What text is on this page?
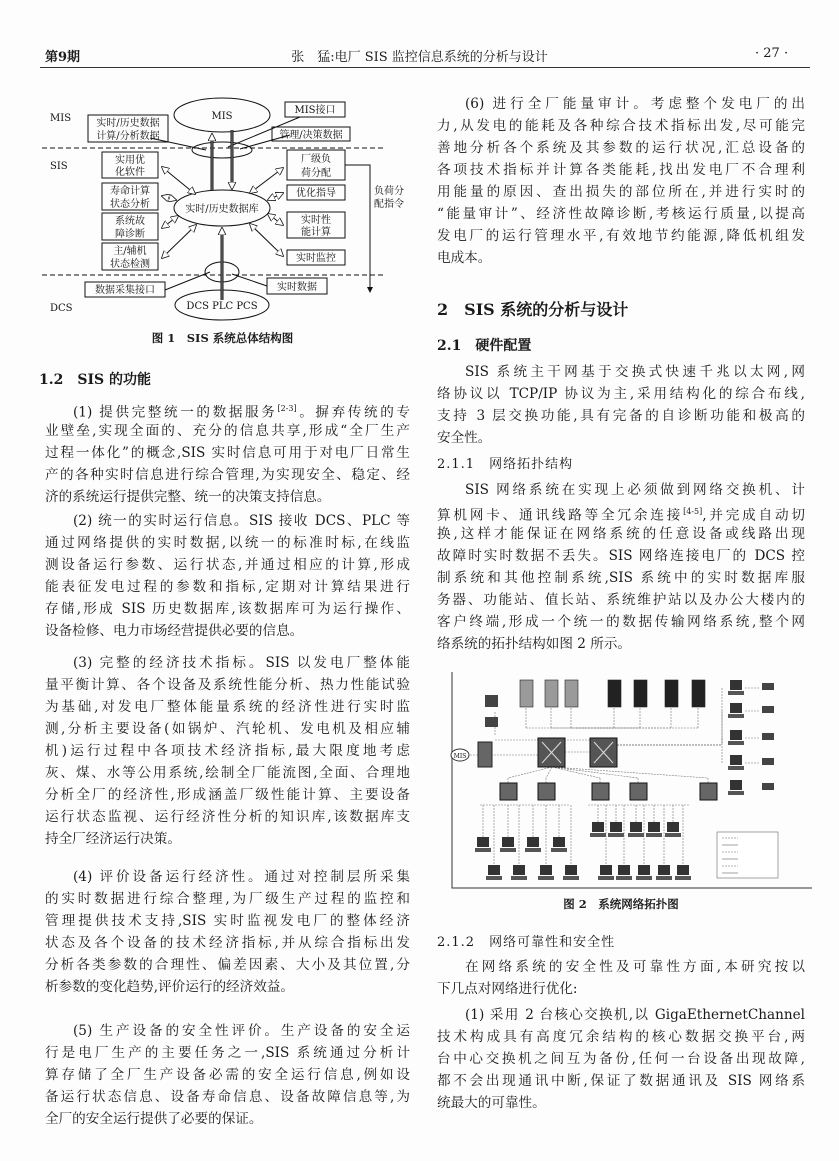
第9期	张　猛:电厂 SIS 监控信息系统的分析与设计	· 27 ·
MIS
SIS
DCS
MIS
MIS接口
实时/历史数据
计算/分析数据	管理/决策数据
实用优
化软件
寿命计算
状态分析
系统故
障诊断
主/辅机
状态检测
厂级负
荷分配
优化指导
实时性
能计算
实时监控
负荷分
配指令
实时/历史数据库
数据采集接口	实时数据
DCS PLC PCS
图 1　SIS 系统总体结构图
1.2　SIS 的功能
(1) 提供完整统一的数据服务[2-3]。摒弃传统的专
业壁垒,实现全面的、充分的信息共享,形成“全厂生产
过程一体化”的概念,SIS 实时信息可用于对电厂日常生
产的各种实时信息进行综合管理,为实现安全、稳定、经
济的系统运行提供完整、统一的决策支持信息。
(2) 统一的实时运行信息。SIS 接收 DCS、PLC 等
通过网络提供的实时数据,以统一的标准时标,在线监
测设备运行参数、运行状态,并通过相应的计算,形成
能表征发电过程的参数和指标,定期对计算结果进行
存储,形成 SIS 历史数据库,该数据库可为运行操作、
设备检修、电力市场经营提供必要的信息。
(3) 完整的经济技术指标。SIS 以发电厂整体能
量平衡计算、各个设备及系统性能分析、热力性能试验
为基础,对发电厂整体能量系统的经济性进行实时监
测,分析主要设备(如锅炉、汽轮机、发电机及相应辅
机)运行过程中各项技术经济指标,最大限度地考虑
灰、煤、水等公用系统,绘制全厂能流图,全面、合理地
分析全厂的经济性,形成涵盖厂级性能计算、主要设备
运行状态监视、运行经济性分析的知识库,该数据库支
持全厂经济运行决策。
(4) 评价设备运行经济性。通过对控制层所采集
的实时数据进行综合整理,为厂级生产过程的监控和
管理提供技术支持,SIS 实时监视发电厂的整体经济
状态及各个设备的技术经济指标,并从综合指标出发
分析各类参数的合理性、偏差因素、大小及其位置,分
析参数的变化趋势,评价运行的经济效益。
(5) 生产设备的安全性评价。生产设备的安全运
行是电厂生产的主要任务之一,SIS 系统通过分析计
算存储了全厂生产设备必需的安全运行信息,例如设
备运行状态信息、设备寿命信息、设备故障信息等,为
全厂的安全运行提供了必要的保证。
(6) 进行全厂能量审计。考虑整个发电厂的出
力,从发电的能耗及各种综合技术指标出发,尽可能完
善地分析各个系统及其参数的运行状况,汇总设备的
各项技术指标并计算各类能耗,找出发电厂不合理利
用能量的原因、查出损失的部位所在,并进行实时的
“能量审计”、经济性故障诊断,考核运行质量,以提高
发电厂的运行管理水平,有效地节约能源,降低机组发
电成本。
2　SIS 系统的分析与设计
2.1　硬件配置
SIS 系统主干网基于交换式快速千兆以太网,网
络协议以 TCP/IP 协议为主,采用结构化的综合布线,
支持 3 层交换功能,具有完备的自诊断功能和极高的
安全性。
2.1.1　网络拓扑结构
SIS 网络系统在实现上必须做到网络交换机、计
算机网卡、通讯线路等全冗余连接[4-5],并完成自动切
换,这样才能保证在网络系统的任意设备或线路出现
故障时实时数据不丢失。SIS 网络连接电厂的 DCS 控
制系统和其他控制系统,SIS 系统中的实时数据库服
务器、功能站、值长站、系统维护站以及办公大楼内的
客户终端,形成一个统一的数据传输网络系统,整个网
络系统的拓扑结构如图 2 所示。
2.1.2　网络可靠性和安全性
在网络系统的安全性及可靠性方面,本研究按以
下几点对网络进行优化:
(1) 采用 2 台核心交换机,以 GigaEthernetChannel
技术构成具有高度冗余结构的核心数据交换平台,两
台中心交换机之间互为备份,任何一台设备出现故障,
都不会出现通讯中断,保证了数据通讯及 SIS 网络系
统最大的可靠性。
MIS
图 2　系统网络拓扑图
